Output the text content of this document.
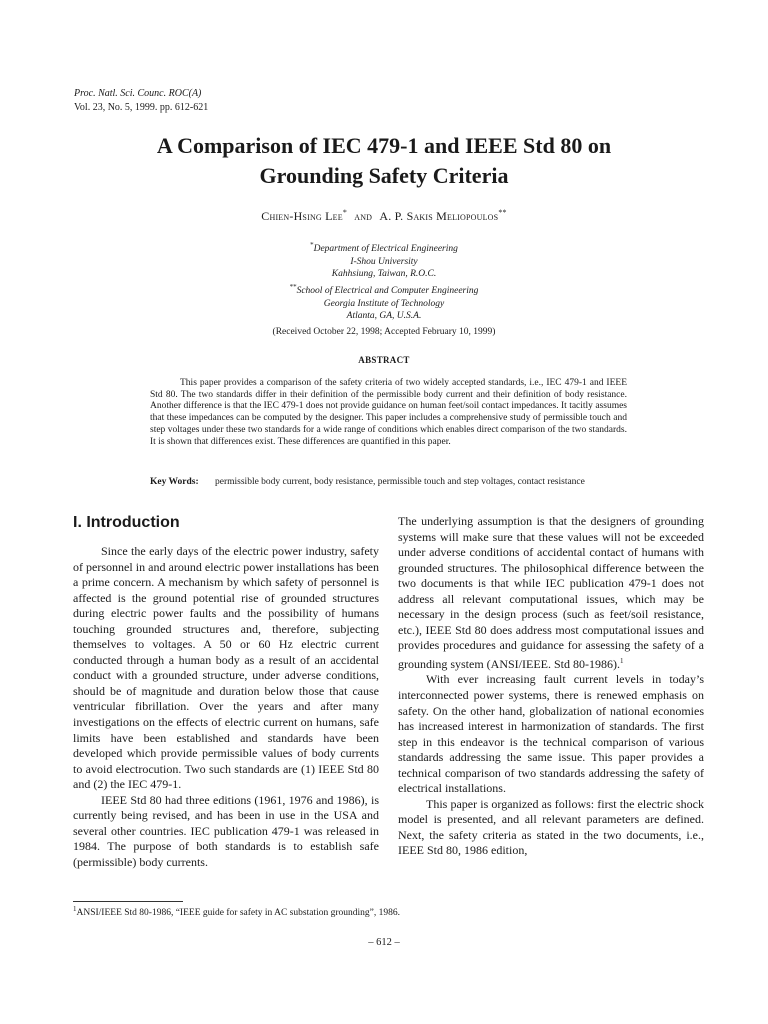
Proc. Natl. Sci. Counc. ROC(A)
Vol. 23, No. 5, 1999. pp. 612-621
A Comparison of IEC 479-1 and IEEE Std 80 on
Grounding Safety Criteria
Chien-Hsing Lee* and A. P. Sakis Meliopoulos**
*Department of Electrical Engineering
I-Shou University
Kahhsiung, Taiwan, R.O.C.
**School of Electrical and Computer Engineering
Georgia Institute of Technology
Atlanta, GA, U.S.A.
(Received October 22, 1998; Accepted February 10, 1999)
ABSTRACT

This paper provides a comparison of the safety criteria of two widely accepted standards, i.e., IEC 479-1 and IEEE Std 80. The two standards differ in their definition of the permissible body current and their definition of body resistance. Another difference is that the IEC 479-1 does not provide guidance on human feet/soil contact impedances. It tacitly assumes that these impedances can be computed by the designer. This paper includes a comprehensive study of permissible touch and step voltages under these two standards for a wide range of conditions which enables direct comparison of the two standards. It is shown that differences exist. These differences are quantified in this paper.

Key Words: permissible body current, body resistance, permissible touch and step voltages, contact resistance
I. Introduction

Since the early days of the electric power industry, safety of personnel in and around electric power installations has been a prime concern. A mechanism by which safety of personnel is affected is the ground potential rise of grounded structures during electric power faults and the possibility of humans touching grounded structures and, therefore, subjecting themselves to voltages. A 50 or 60 Hz electric current conducted through a human body as a result of an accidental conduct with a grounded structure, under adverse conditions, should be of magnitude and duration below those that cause ventricular fibrillation. Over the years and after many investigations on the effects of electric current on humans, safe limits have been established and standards have been developed which provide permissible values of body currents to avoid electrocution. Two such standards are (1) IEEE Std 80 and (2) the IEC 479-1.

IEEE Std 80 had three editions (1961, 1976 and 1986), is currently being revised, and has been in use in the USA and several other countries. IEC publication 479-1 was released in 1984. The purpose of both standards is to establish safe (permissible) body currents.

The underlying assumption is that the designers of grounding systems will make sure that these values will not be exceeded under adverse conditions of accidental contact of humans with grounded structures. The philosophical difference between the two documents is that while IEC publication 479-1 does not address all relevant computational issues, which may be necessary in the design process (such as feet/soil resistance, etc.), IEEE Std 80 does address most computational issues and provides procedures and guidance for assessing the safety of a grounding system (ANSI/IEEE. Std 80-1986).$^1$

With ever increasing fault current levels in today’s interconnected power systems, there is renewed emphasis on safety. On the other hand, globalization of national economies has increased interest in harmonization of standards. The first step in this endeavor is the technical comparison of various standards addressing the same issue. This paper provides a technical comparison of two standards addressing the safety of electrical installations.

This paper is organized as follows: first the electric shock model is presented, and all relevant parameters are defined. Next, the safety criteria as stated in the two documents, i.e., IEEE Std 80, 1986 edition,

$^1$ANSI/IEEE Std 80-1986, “IEEE guide for safety in AC substation grounding”, 1986.
– 612 –
